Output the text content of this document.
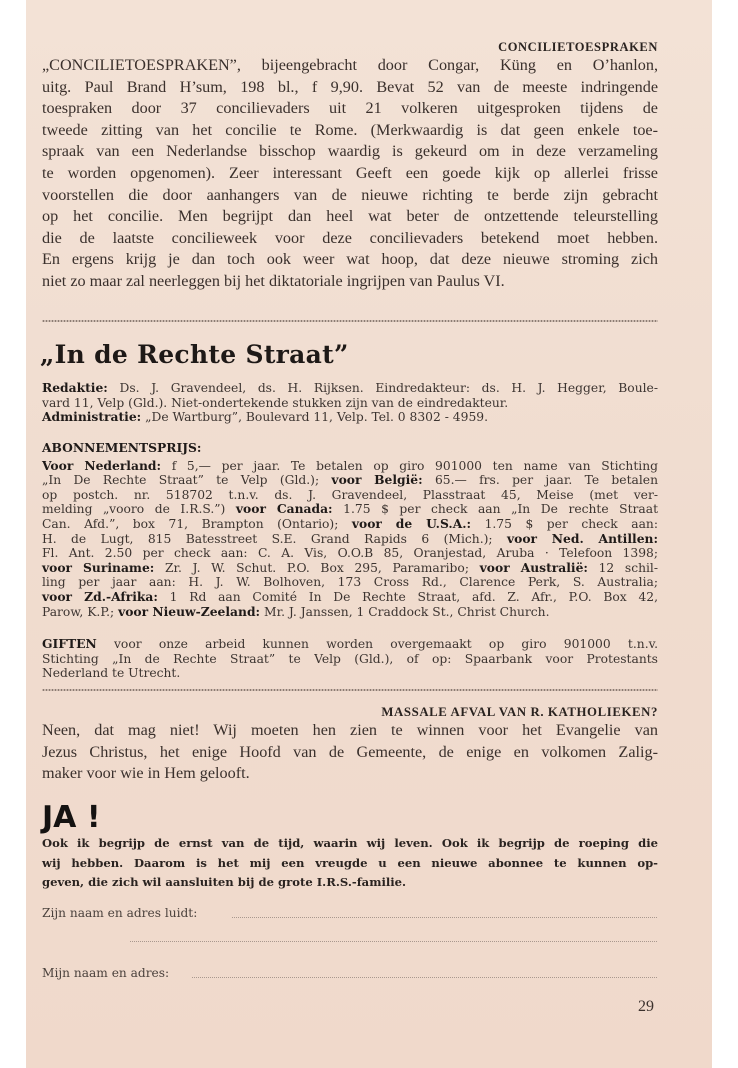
CONCILIETOESPRAKEN
„CONCILIETOESPRAKEN”, bijeengebracht door Congar, Küng en O’hanlon,
uitg. Paul Brand H’sum, 198 bl., f 9,90. Bevat 52 van de meeste indringende
toespraken door 37 concilievaders uit 21 volkeren uitgesproken tijdens de
tweede zitting van het concilie te Rome. (Merkwaardig is dat geen enkele toe-
spraak van een Nederlandse bisschop waardig is gekeurd om in deze verzameling
te worden opgenomen). Zeer interessant Geeft een goede kijk op allerlei frisse
voorstellen die door aanhangers van de nieuwe richting te berde zijn gebracht
op het concilie. Men begrijpt dan heel wat beter de ontzettende teleurstelling
die de laatste concilieweek voor deze concilievaders betekend moet hebben.
En ergens krijg je dan toch ook weer wat hoop, dat deze nieuwe stroming zich
niet zo maar zal neerleggen bij het diktatoriale ingrijpen van Paulus VI.
„In de Rechte Straat”
Redaktie: Ds. J. Gravendeel, ds. H. Rijksen. Eindredakteur: ds. H. J. Hegger, Boule-
vard 11, Velp (Gld.). Niet-ondertekende stukken zijn van de eindredakteur.
Administratie: „De Wartburg”, Boulevard 11, Velp. Tel. 0 8302 - 4959.
ABONNEMENTSPRIJS:
Voor Nederland: f 5,— per jaar. Te betalen op giro 901000 ten name van Stichting
„In De Rechte Straat” te Velp (Gld.); voor België: 65.— frs. per jaar. Te betalen
op postch. nr. 518702 t.n.v. ds. J. Gravendeel, Plasstraat 45, Meise (met ver-
melding „vooro de I.R.S.”) voor Canada: 1.75 $ per check aan „In De rechte Straat
Can. Afd.”, box 71, Brampton (Ontario); voor de U.S.A.: 1.75 $ per check aan:
H. de Lugt, 815 Batesstreet S.E. Grand Rapids 6 (Mich.); voor Ned. Antillen:
Fl. Ant. 2.50 per check aan: C. A. Vis, O.O.B 85, Oranjestad, Aruba · Telefoon 1398;
voor Suriname: Zr. J. W. Schut. P.O. Box 295, Paramaribo; voor Australië: 12 schil-
ling per jaar aan: H. J. W. Bolhoven, 173 Cross Rd., Clarence Perk, S. Australia;
voor Zd.-Afrika: 1 Rd aan Comité In De Rechte Straat, afd. Z. Afr., P.O. Box 42,
Parow, K.P.; voor Nieuw-Zeeland: Mr. J. Janssen, 1 Craddock St., Christ Church.
GIFTEN voor onze arbeid kunnen worden overgemaakt op giro 901000 t.n.v.
Stichting „In de Rechte Straat” te Velp (Gld.), of op: Spaarbank voor Protestants
Nederland te Utrecht.
MASSALE AFVAL VAN R. KATHOLIEKEN?
Neen, dat mag niet! Wij moeten hen zien te winnen voor het Evangelie van
Jezus Christus, het enige Hoofd van de Gemeente, de enige en volkomen Zalig-
maker voor wie in Hem gelooft.
JA !
Ook ik begrijp de ernst van de tijd, waarin wij leven. Ook ik begrijp de roeping die
wij hebben. Daarom is het mij een vreugde u een nieuwe abonnee te kunnen op-
geven, die zich wil aansluiten bij de grote I.R.S.-familie.
Zijn naam en adres luidt:
Mijn naam en adres:
29
